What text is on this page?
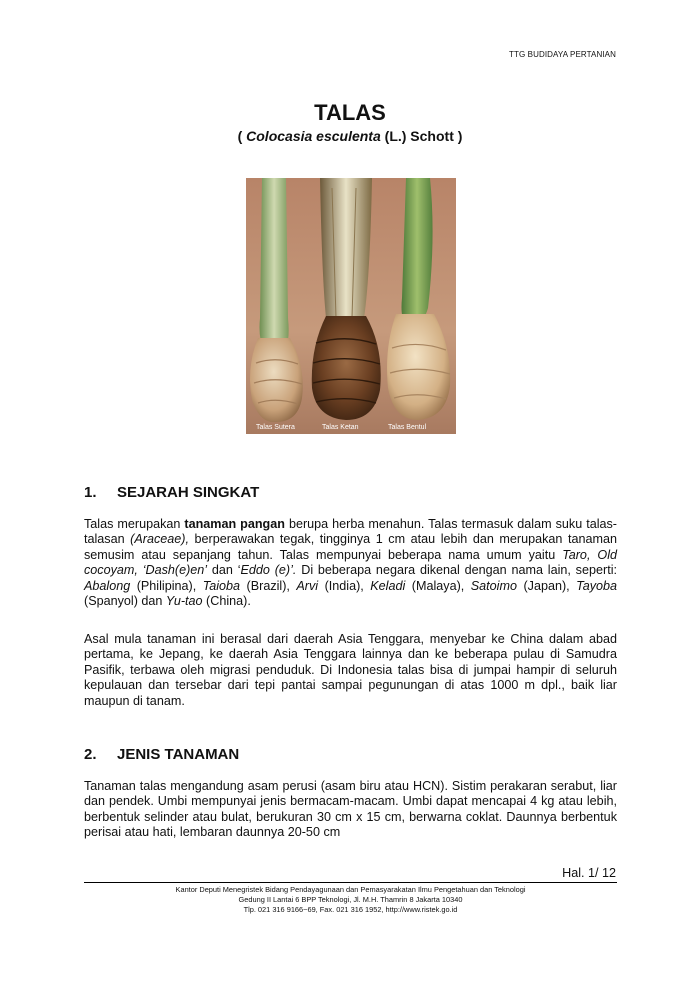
TTG BUDIDAYA PERTANIAN
TALAS

( Colocasia esculenta (L.) Schott )

Talas Sutera	Talas Ketan	Talas Bentul
1. SEJARAH SINGKAT

Talas merupakan tanaman pangan berupa herba menahun. Talas termasuk dalam suku talas-talasan (Araceae), berperawakan tegak, tingginya 1 cm atau lebih dan merupakan tanaman semusim atau sepanjang tahun. Talas mempunyai beberapa nama umum yaitu Taro, Old cocoyam, ‘Dash(e)en’ dan ‘Eddo (e)’. Di beberapa negara dikenal dengan nama lain, seperti: Abalong (Philipina), Taioba (Brazil), Arvi (India), Keladi (Malaya), Satoimo (Japan), Tayoba (Spanyol) dan Yu-tao (China).

Asal mula tanaman ini berasal dari daerah Asia Tenggara, menyebar ke China dalam abad pertama, ke Jepang, ke daerah Asia Tenggara lainnya dan ke beberapa pulau di Samudra Pasifik, terbawa oleh migrasi penduduk. Di Indonesia talas bisa di jumpai hampir di seluruh kepulauan dan tersebar dari tepi pantai sampai pegunungan di atas 1000 m dpl., baik liar maupun di tanam.

2. JENIS TANAMAN

Tanaman talas mengandung asam perusi (asam biru atau HCN). Sistim perakaran serabut, liar dan pendek. Umbi mempunyai jenis bermacam-macam. Umbi dapat mencapai 4 kg atau lebih, berbentuk selinder atau bulat, berukuran 30 cm x 15 cm, berwarna coklat. Daunnya berbentuk perisai atau hati, lembaran daunnya 20-50 cm

Hal. 1/ 12
Kantor Deputi Menegristek Bidang Pendayagunaan dan Pemasyarakatan Ilmu Pengetahuan dan Teknologi
Gedung II Lantai 6 BPP Teknologi, Jl. M.H. Thamrin 8 Jakarta 10340
Tlp. 021 316 9166~69, Fax. 021 316 1952, http://www.ristek.go.id
